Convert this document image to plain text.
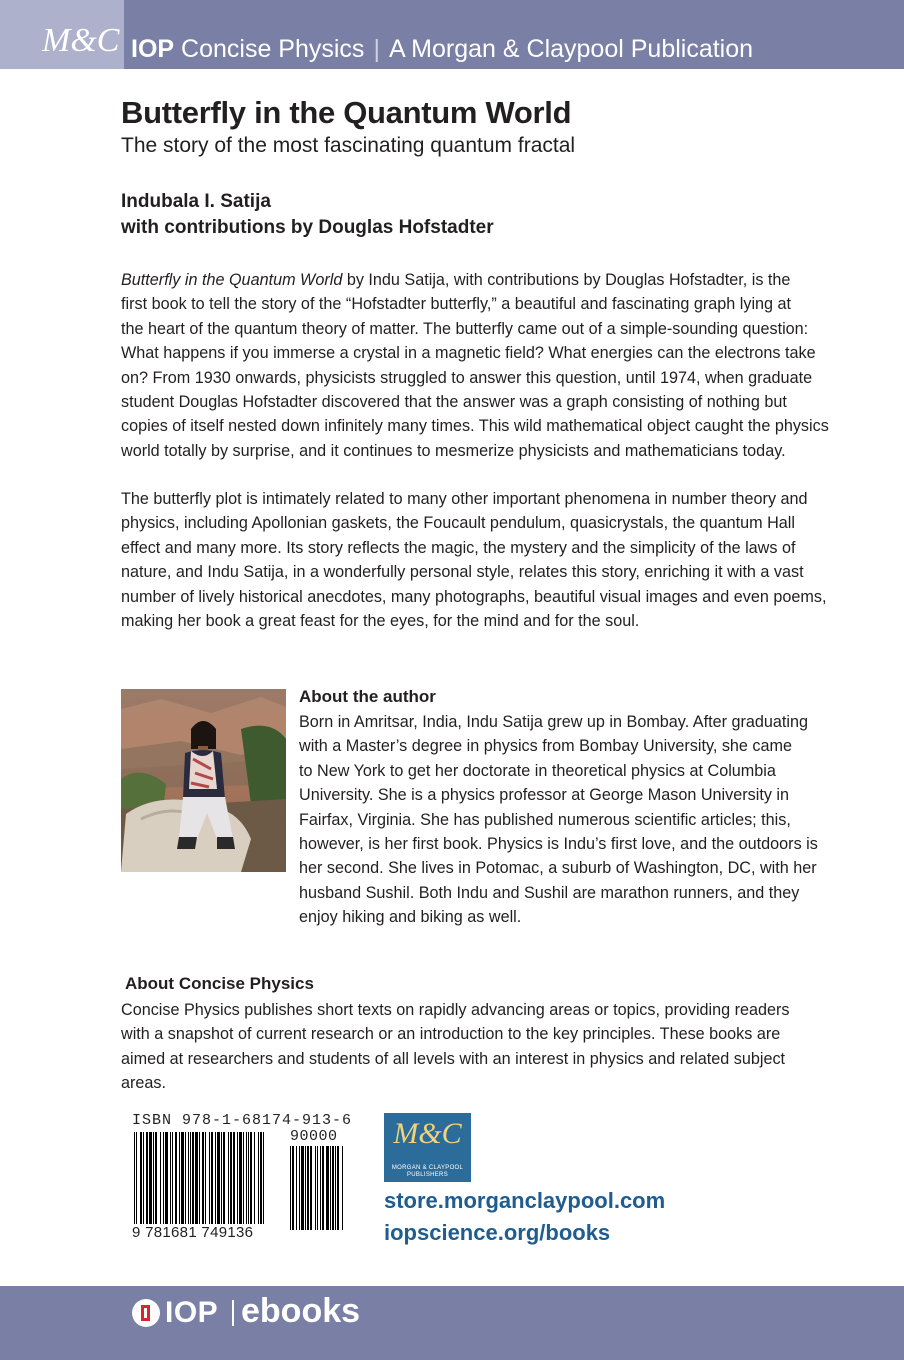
M&C IOP Concise Physics | A Morgan & Claypool Publication
Butterfly in the Quantum World

The story of the most fascinating quantum fractal

Indubala I. Satija
with contributions by Douglas Hofstadter
Butterfly in the Quantum World by Indu Satija, with contributions by Douglas Hofstadter, is the
first book to tell the story of the “Hofstadter butterfly,” a beautiful and fascinating graph lying at
the heart of the quantum theory of matter. The butterfly came out of a simple-sounding question:
What happens if you immerse a crystal in a magnetic field? What energies can the electrons take
on? From 1930 onwards, physicists struggled to answer this question, until 1974, when graduate
student Douglas Hofstadter discovered that the answer was a graph consisting of nothing but
copies of itself nested down infinitely many times. This wild mathematical object caught the physics
world totally by surprise, and it continues to mesmerize physicists and mathematicians today.
The butterfly plot is intimately related to many other important phenomena in number theory and
physics, including Apollonian gaskets, the Foucault pendulum, quasicrystals, the quantum Hall
effect and many more. Its story reflects the magic, the mystery and the simplicity of the laws of
nature, and Indu Satija, in a wonderfully personal style, relates this story, enriching it with a vast
number of lively historical anecdotes, many photographs, beautiful visual images and even poems,
making her book a great feast for the eyes, for the mind and for the soul.
About the author
Born in Amritsar, India, Indu Satija grew up in Bombay. After graduating
with a Master’s degree in physics from Bombay University, she came
to New York to get her doctorate in theoretical physics at Columbia
University. She is a physics professor at George Mason University in
Fairfax, Virginia. She has published numerous scientific articles; this,
however, is her first book. Physics is Indu’s first love, and the outdoors is
her second. She lives in Potomac, a suburb of Washington, DC, with her
husband Sushil. Both Indu and Sushil are marathon runners, and they
enjoy hiking and biking as well.
About Concise Physics
Concise Physics publishes short texts on rapidly advancing areas or topics, providing readers
with a snapshot of current research or an introduction to the key principles. These books are
aimed at researchers and students of all levels with an interest in physics and related subject
areas.
ISBN 978-1-68174-913-6
90000
9 781681 749136
M&C
MORGAN & CLAYPOOL
PUBLISHERS
store.morganclaypool.com
iopscience.org/books
IOP ebooks
